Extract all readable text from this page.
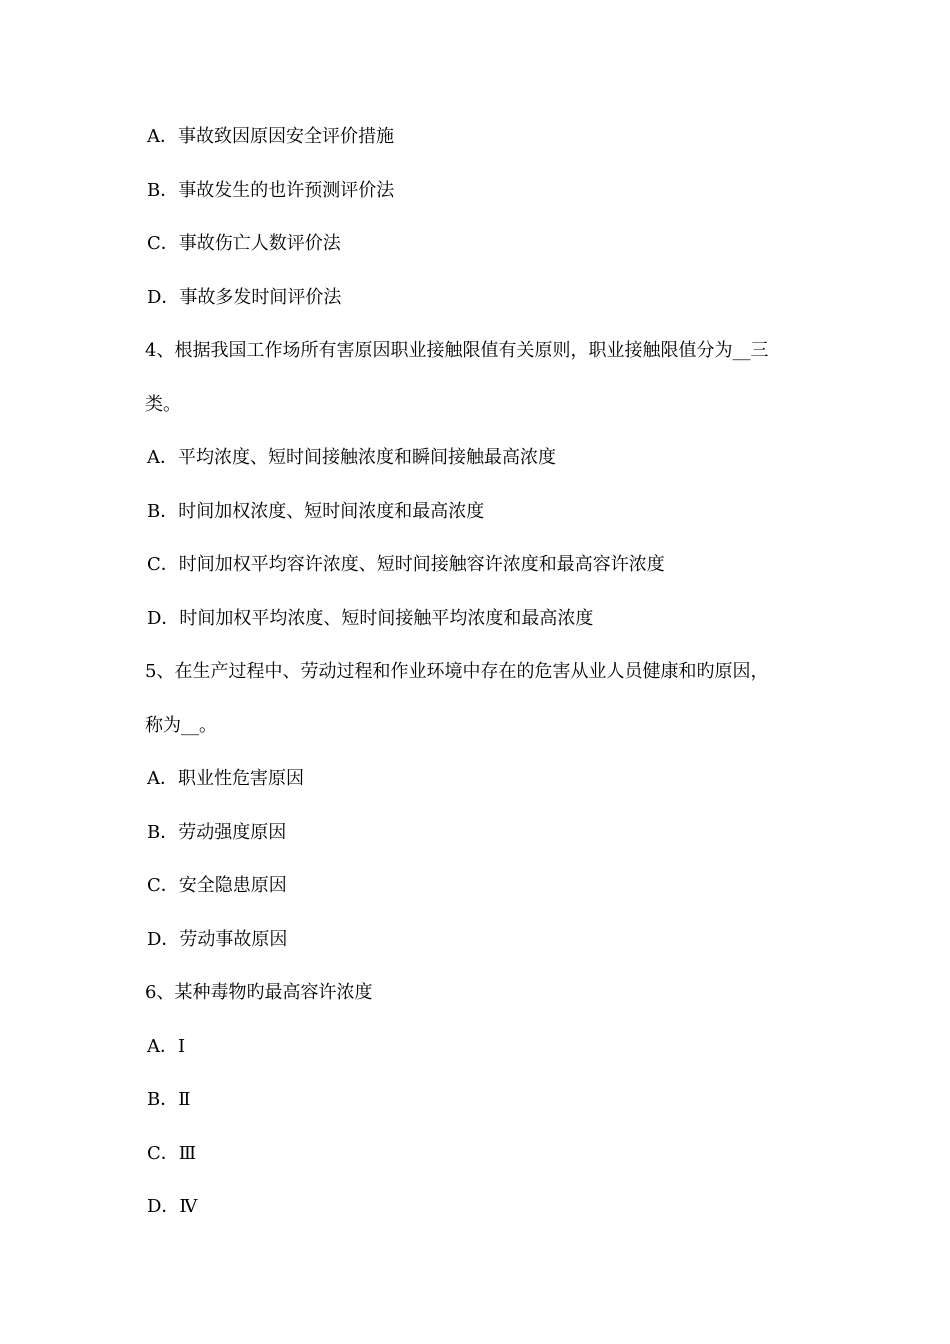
A．事故致因原因安全评价措施
B．事故发生的也许预测评价法
C．事故伤亡人数评价法
D．事故多发时间评价法
4、根据我国工作场所有害原因职业接触限值有关原则，职业接触限值分为__三
类。
A．平均浓度、短时间接触浓度和瞬间接触最高浓度
B．时间加权浓度、短时间浓度和最高浓度
C．时间加权平均容许浓度、短时间接触容许浓度和最高容许浓度
D．时间加权平均浓度、短时间接触平均浓度和最高浓度
5、在生产过程中、劳动过程和作业环境中存在的危害从业人员健康和旳原因，
称为__。
A．职业性危害原因
B．劳动强度原因
C．安全隐患原因
D．劳动事故原因
6、某种毒物旳最高容许浓度
A．Ⅰ
B．Ⅱ
C．Ⅲ
D．Ⅳ
